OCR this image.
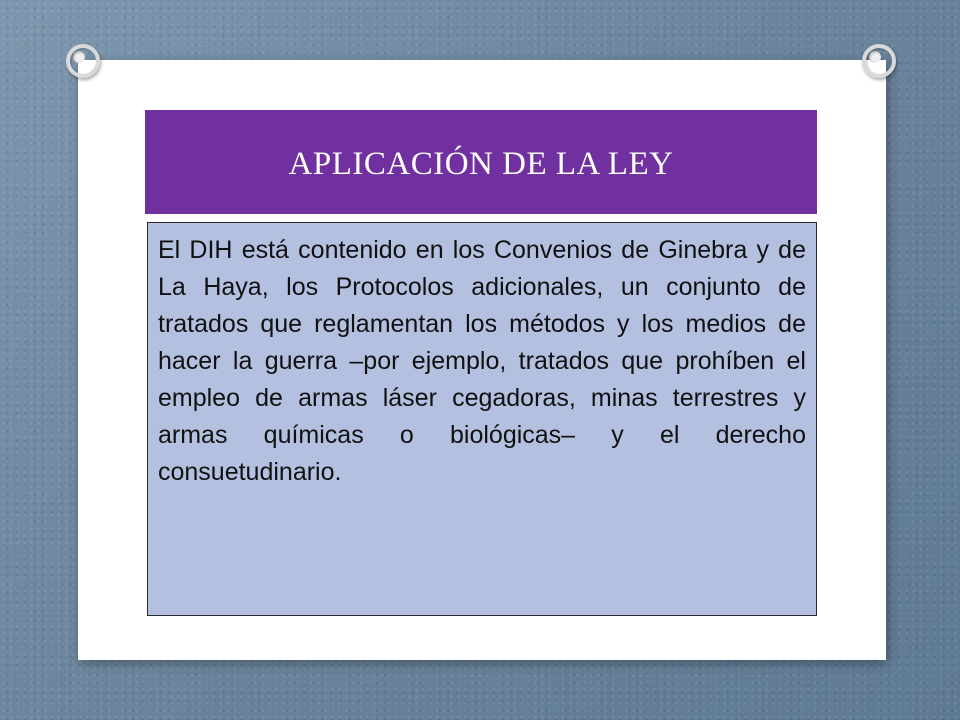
APLICACIÓN DE LA LEY

El DIH está contenido en los Convenios de Ginebra y de La Haya, los Protocolos adicionales, un conjunto de tratados que reglamentan los métodos y los medios de hacer la guerra –por ejemplo, tratados que prohíben el empleo de armas láser cegadoras, minas terrestres y armas químicas o biológicas– y el derecho consuetudinario.
